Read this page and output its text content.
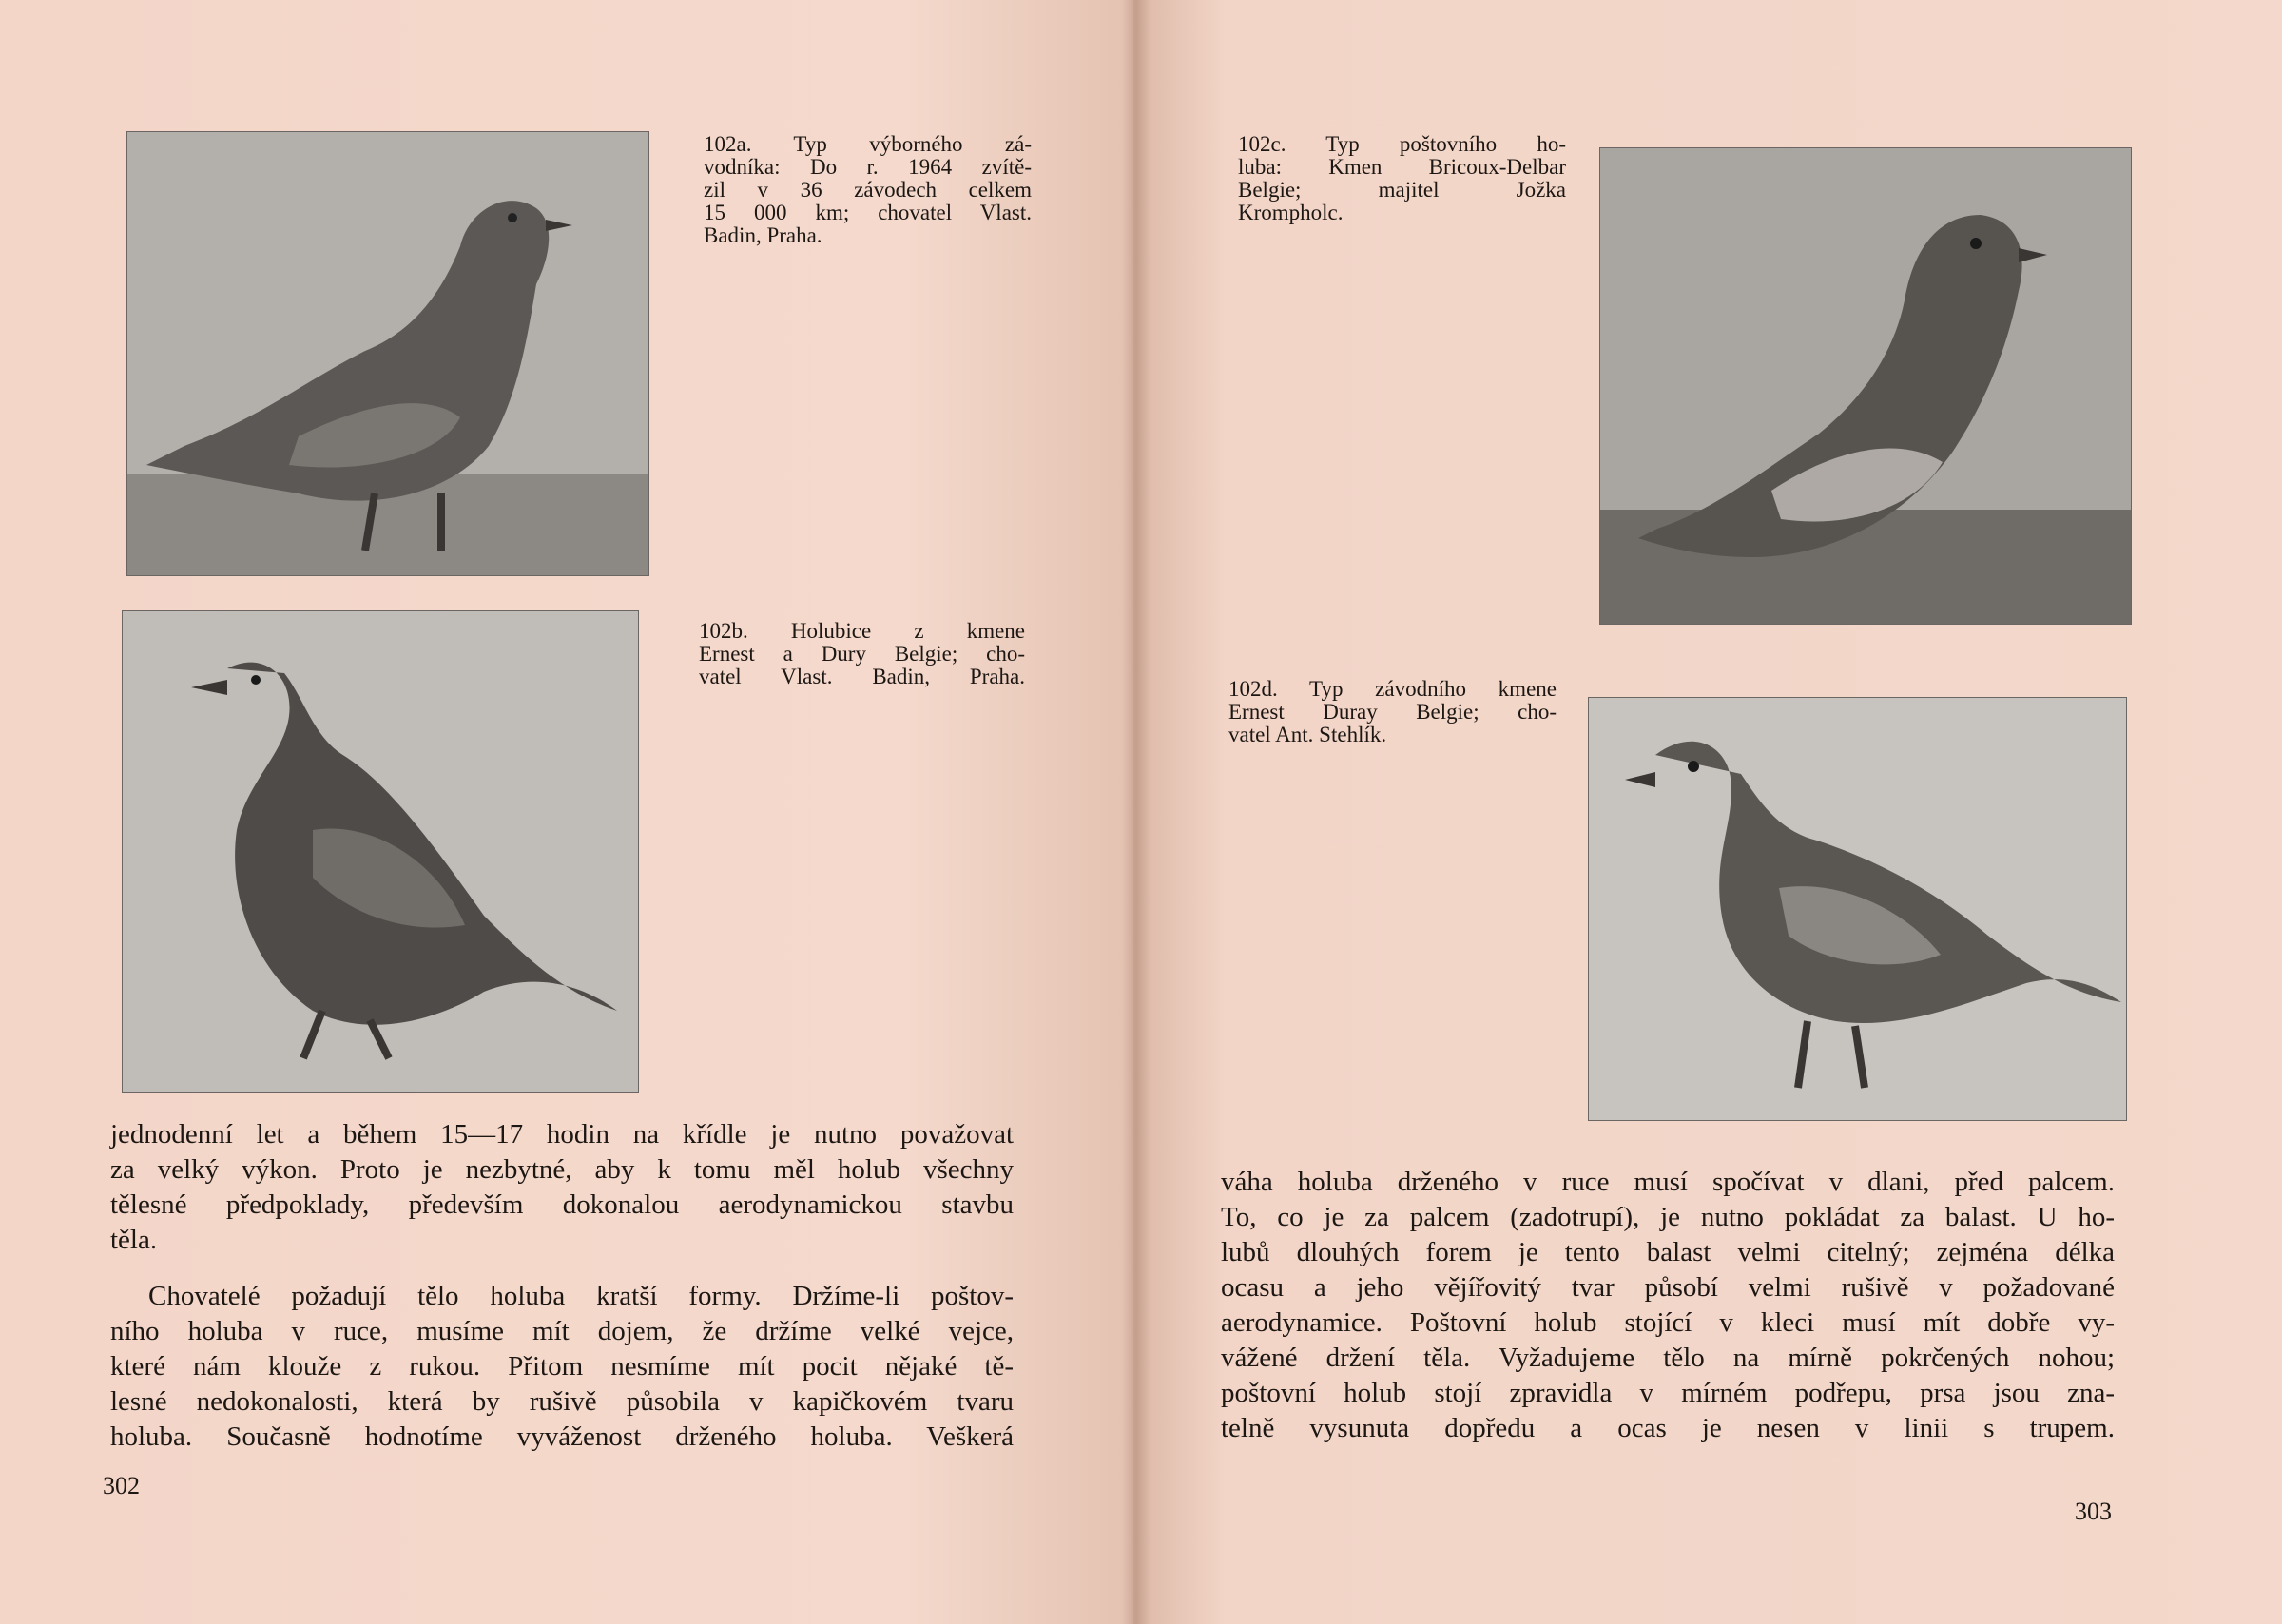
102a. Typ výborného zá-
vodníka: Do r. 1964 zvítě-
zil v 36 závodech celkem
15 000 km; chovatel Vlast.
Badin, Praha.
102b. Holubice z kmene
Ernest a Dury Belgie; cho-
vatel Vlast. Badin, Praha.
jednodenní let a během 15—17 hodin na křídle je nutno považovat
za velký výkon. Proto je nezbytné, aby k tomu měl holub všechny
tělesné předpoklady, především dokonalou aerodynamickou stavbu
těla.
Chovatelé požadují tělo holuba kratší formy. Držíme-li poštov-
ního holuba v ruce, musíme mít dojem, že držíme velké vejce,
které nám klouže z rukou. Přitom nesmíme mít pocit nějaké tě-
lesné nedokonalosti, která by rušivě působila v kapičkovém tvaru
holuba. Současně hodnotíme vyváženost drženého holuba. Veškerá
302
102c. Typ poštovního ho-
luba: Kmen Bricoux-Delbar
Belgie; majitel Jožka
Krompholc.
102d. Typ závodního kmene
Ernest Duray Belgie; cho-
vatel Ant. Stehlík.
váha holuba drženého v ruce musí spočívat v dlani, před palcem.
To, co je za palcem (zadotrupí), je nutno pokládat za balast. U ho-
lubů dlouhých forem je tento balast velmi citelný; zejména délka
ocasu a jeho vějířovitý tvar působí velmi rušivě v požadované
aerodynamice. Poštovní holub stojící v kleci musí mít dobře vy-
vážené držení těla. Vyžadujeme tělo na mírně pokrčených nohou;
poštovní holub stojí zpravidla v mírném podřepu, prsa jsou zna-
telně vysunuta dopředu a ocas je nesen v linii s trupem.
303
